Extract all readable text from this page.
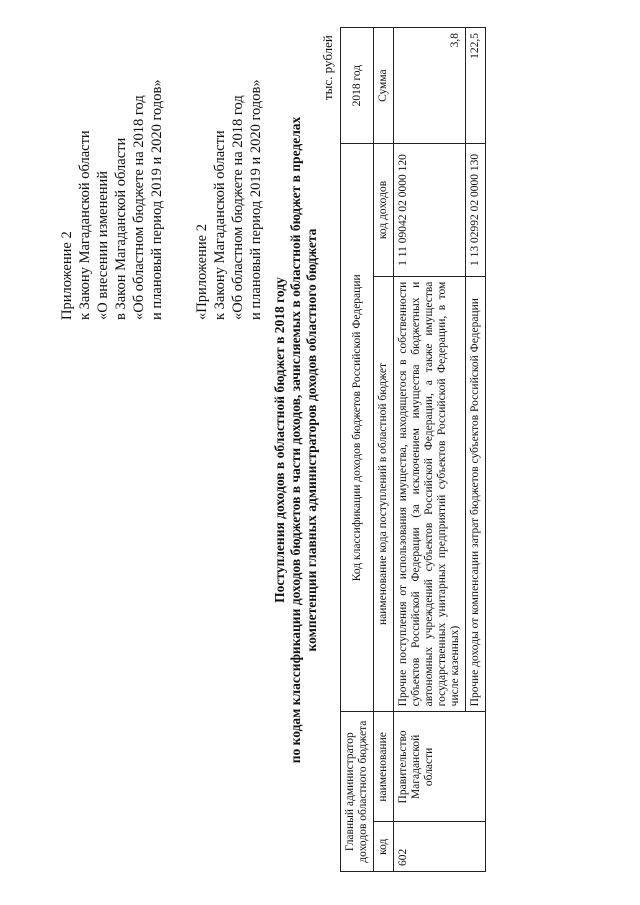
Приложение 2 к Закону Магаданской области «О внесении изменений в Закон Магаданской области «Об областном бюджете на 2018 год и плановый период 2019 и 2020 годов» «Приложение 2 к Закону Магаданской области «Об областном бюджете на 2018 год и плановый период 2019 и 2020 годов»
Поступления доходов в областной бюджет в 2018 году по кодам классификации доходов бюджетов в части доходов, зачисляемых в областной бюджет в пределах компетенции главных администраторов доходов областного бюджета
тыс. рублей
Главный администратор доходов областного бюджета		Код классификации доходов бюджетов Российской Федерации		2018 год
код	наименование	наименование кода поступлений в областной бюджет	код доходов	Сумма
602	Правительство Магаданской области	Прочие поступления от использования имущества, находящегося в собственности субъектов Российской Федерации (за исключением имущества бюджетных и автономных учреждений субъектов Российской Федерации, а также имущества государственных унитарных предприятий субъектов Российской Федерации, в том числе казенных)	1 11 09042 02 0000 120	3,8
		Прочие доходы от компенсации затрат бюджетов субъектов Российской Федерации	1 13 02992 02 0000 130	122,5
